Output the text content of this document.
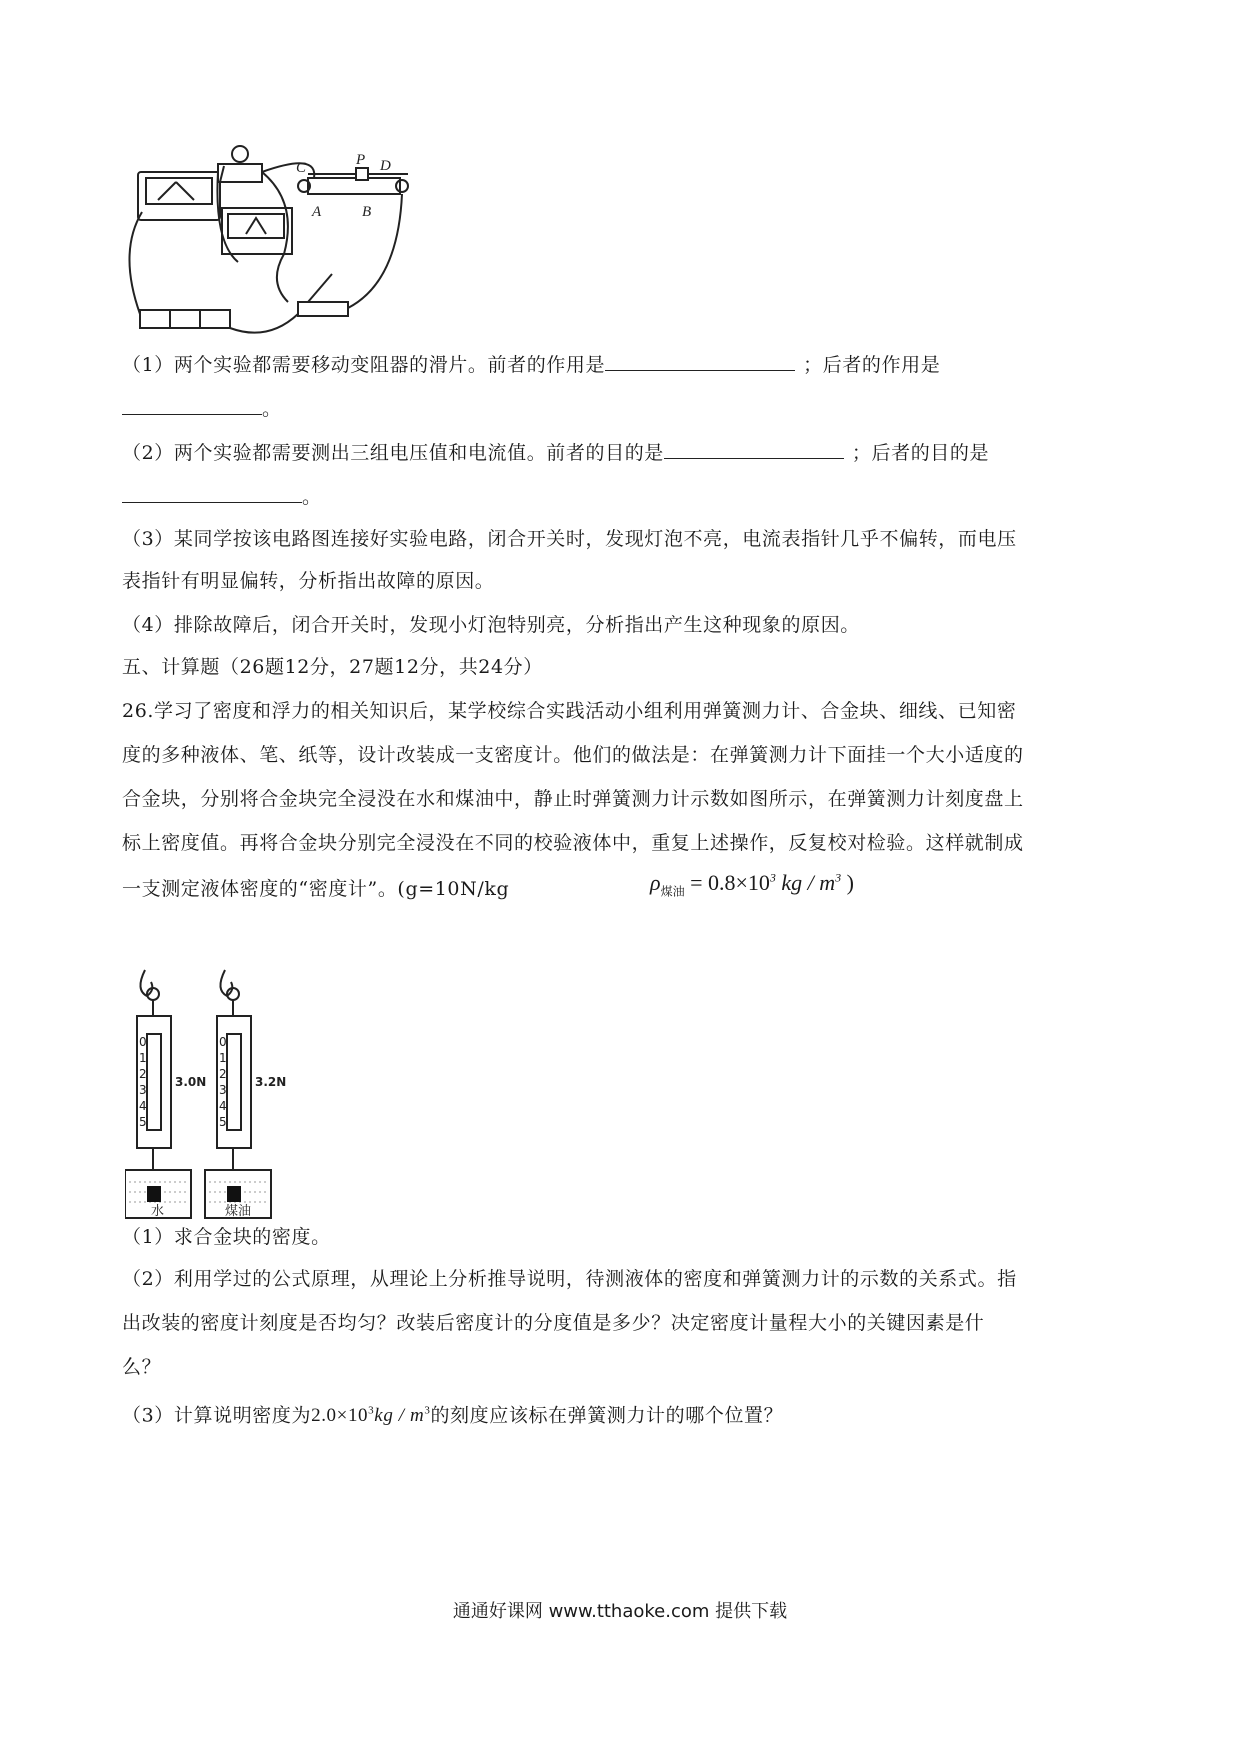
C	P D
A	B
（1）两个实验都需要移动变阻器的滑片。前者的作用是	；后者的作用是
。
（2）两个实验都需要测出三组电压值和电流值。前者的目的是	；后者的目的是
。
（3）某同学按该电路图连接好实验电路，闭合开关时，发现灯泡不亮，电流表指针几乎不偏转，而电压
表指针有明显偏转，分析指出故障的原因。
（4）排除故障后，闭合开关时，发现小灯泡特别亮，分析指出产生这种现象的原因。
五、计算题（26题12分，27题12分，共24分）
26.学习了密度和浮力的相关知识后，某学校综合实践活动小组利用弹簧测力计、合金块、细线、已知密
度的多种液体、笔、纸等，设计改装成一支密度计。他们的做法是：在弹簧测力计下面挂一个大小适度的
合金块，分别将合金块完全浸没在水和煤油中，静止时弹簧测力计示数如图所示，在弹簧测力计刻度盘上
标上密度值。再将合金块分别完全浸没在不同的校验液体中，重复上述操作，反复校对检验。这样就制成
一支测定液体密度的“密度计”。(g=10N/kg	$\rho_{煤油} = 0.8\times 10^3$ kg / $m^3$ )
0
1
2
3
4
5
0
1
2
3
4
5
3.0N	3.2N
水	煤油
（1）求合金块的密度。
（2）利用学过的公式原理，从理论上分析推导说明，待测液体的密度和弹簧测力计的示数的关系式。指
出改装的密度计刻度是否均匀？改装后密度计的分度值是多少？决定密度计量程大小的关键因素是什
么？
（3）计算说明密度为$2.0\times 10^3kg / m^3$的刻度应该标在弹簧测力计的哪个位置？
通通好课网 www.tthaoke.com 提供下载
